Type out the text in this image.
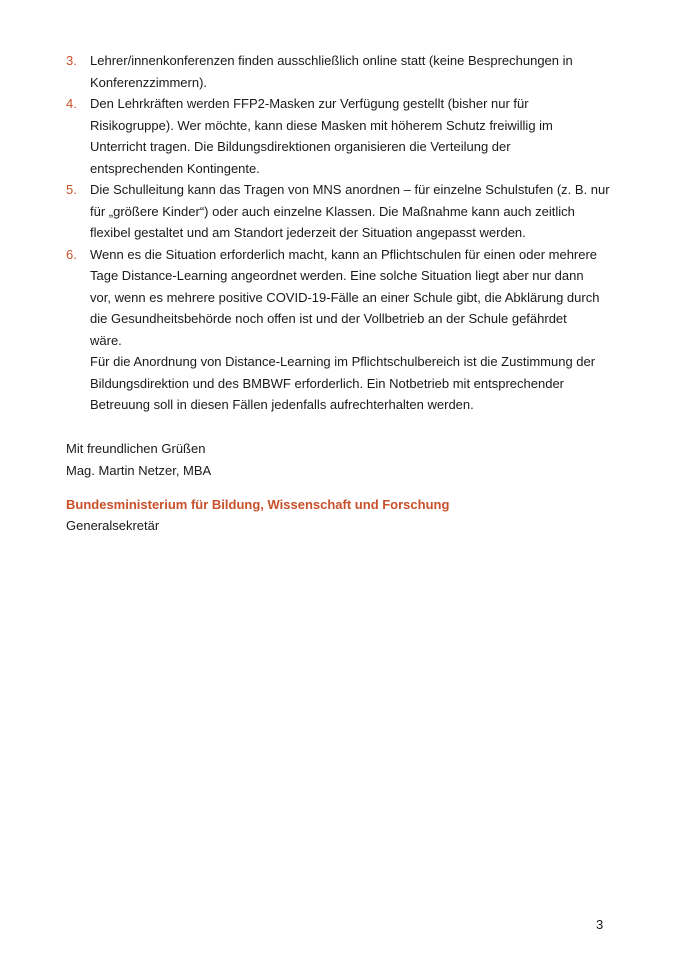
3. Lehrer/innenkonferenzen finden ausschließlich online statt (keine Besprechungen in
Konferenzzimmern).
4. Den Lehrkräften werden FFP2-Masken zur Verfügung gestellt (bisher nur für
Risikogruppe). Wer möchte, kann diese Masken mit höherem Schutz freiwillig im
Unterricht tragen. Die Bildungsdirektionen organisieren die Verteilung der
entsprechenden Kontingente.
5. Die Schulleitung kann das Tragen von MNS anordnen – für einzelne Schulstufen (z. B. nur
für „größere Kinder“) oder auch einzelne Klassen. Die Maßnahme kann auch zeitlich
flexibel gestaltet und am Standort jederzeit der Situation angepasst werden.
6. Wenn es die Situation erforderlich macht, kann an Pflichtschulen für einen oder mehrere
Tage Distance-Learning angeordnet werden. Eine solche Situation liegt aber nur dann
vor, wenn es mehrere positive COVID-19-Fälle an einer Schule gibt, die Abklärung durch
die Gesundheitsbehörde noch offen ist und der Vollbetrieb an der Schule gefährdet
wäre.
Für die Anordnung von Distance-Learning im Pflichtschulbereich ist die Zustimmung der
Bildungsdirektion und des BMBWF erforderlich. Ein Notbetrieb mit entsprechender
Betreuung soll in diesen Fällen jedenfalls aufrechterhalten werden.
Mit freundlichen Grüßen
Mag. Martin Netzer, MBA
Bundesministerium für Bildung, Wissenschaft und Forschung
Generalsekretär
3
